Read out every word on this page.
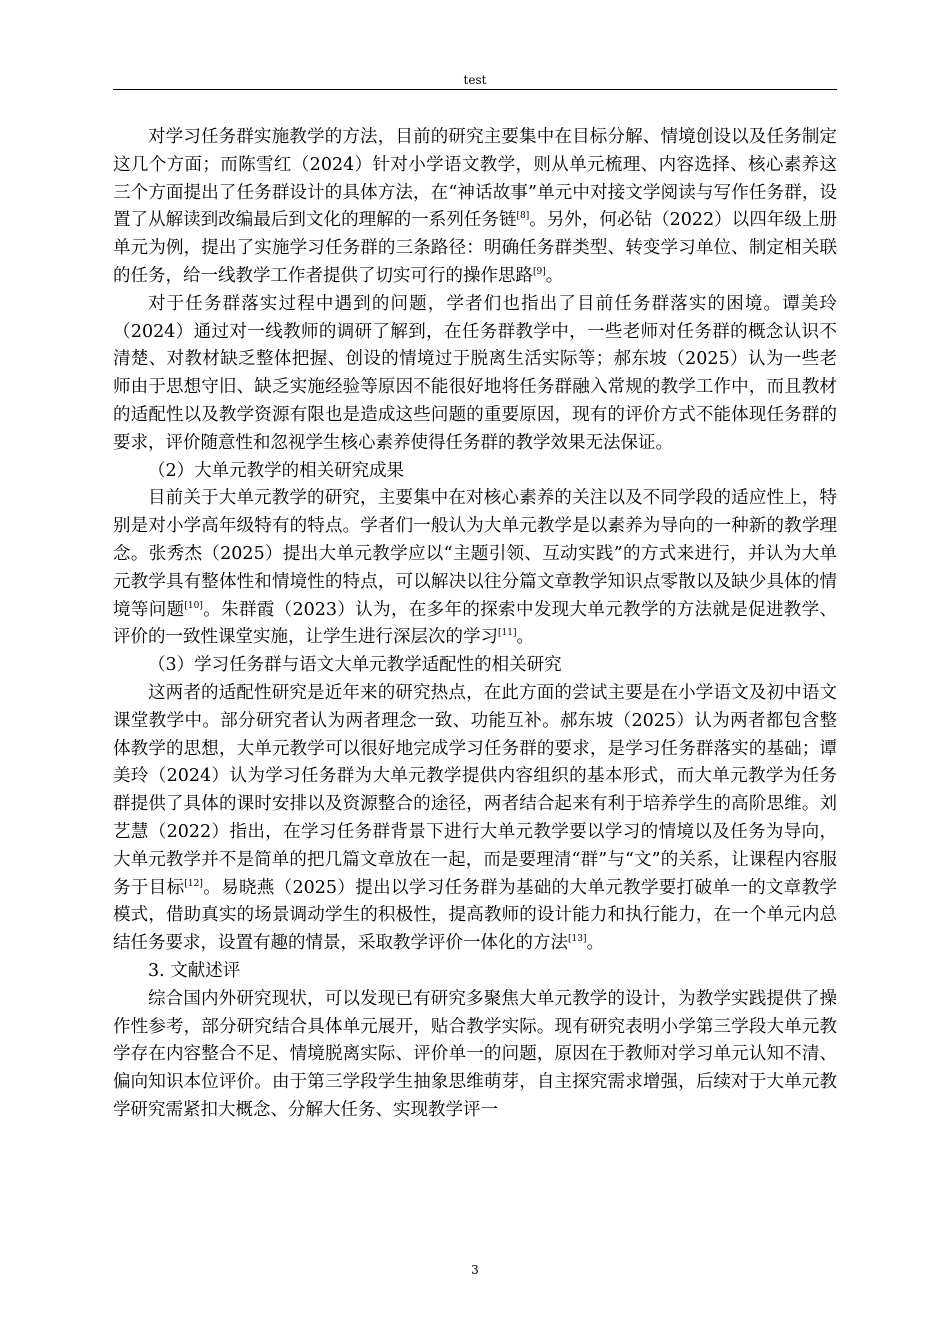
test

对学习任务群实施教学的方法，目前的研究主要集中在目标分解、情境创设以及任务制定这几个方面；而陈雪红（2024）针对小学语文教学，则从单元梳理、内容选择、核心素养这三个方面提出了任务群设计的具体方法，在“神话故事”单元中对接文学阅读与写作任务群，设置了从解读到改编最后到文化的理解的一系列任务链[8]。另外，何必钻（2022）以四年级上册单元为例，提出了实施学习任务群的三条路径：明确任务群类型、转变学习单位、制定相关联的任务，给一线教学工作者提供了切实可行的操作思路[9]。

对于任务群落实过程中遇到的问题，学者们也指出了目前任务群落实的困境。谭美玲（2024）通过对一线教师的调研了解到，在任务群教学中，一些老师对任务群的概念认识不清楚、对教材缺乏整体把握、创设的情境过于脱离生活实际等；郝东坡（2025）认为一些老师由于思想守旧、缺乏实施经验等原因不能很好地将任务群融入常规的教学工作中，而且教材的适配性以及教学资源有限也是造成这些问题的重要原因，现有的评价方式不能体现任务群的要求，评价随意性和忽视学生核心素养使得任务群的教学效果无法保证。

（2）大单元教学的相关研究成果

目前关于大单元教学的研究，主要集中在对核心素养的关注以及不同学段的适应性上，特别是对小学高年级特有的特点。学者们一般认为大单元教学是以素养为导向的一种新的教学理念。张秀杰（2025）提出大单元教学应以“主题引领、互动实践”的方式来进行，并认为大单元教学具有整体性和情境性的特点，可以解决以往分篇文章教学知识点零散以及缺少具体的情境等问题[10]。朱群霞（2023）认为，在多年的探索中发现大单元教学的方法就是促进教学、评价的一致性课堂实施，让学生进行深层次的学习[11]。

（3）学习任务群与语文大单元教学适配性的相关研究

这两者的适配性研究是近年来的研究热点，在此方面的尝试主要是在小学语文及初中语文课堂教学中。部分研究者认为两者理念一致、功能互补。郝东坡（2025）认为两者都包含整体教学的思想，大单元教学可以很好地完成学习任务群的要求，是学习任务群落实的基础；谭美玲（2024）认为学习任务群为大单元教学提供内容组织的基本形式，而大单元教学为任务群提供了具体的课时安排以及资源整合的途径，两者结合起来有利于培养学生的高阶思维。刘艺慧（2022）指出，在学习任务群背景下进行大单元教学要以学习的情境以及任务为导向，大单元教学并不是简单的把几篇文章放在一起，而是要理清“群”与“文”的关系，让课程内容服务于目标[12]。易晓燕（2025）提出以学习任务群为基础的大单元教学要打破单一的文章教学模式，借助真实的场景调动学生的积极性，提高教师的设计能力和执行能力，在一个单元内总结任务要求，设置有趣的情景，采取教学评价一体化的方法[13]。

3. 文献述评

综合国内外研究现状，可以发现已有研究多聚焦大单元教学的设计，为教学实践提供了操作性参考，部分研究结合具体单元展开，贴合教学实际。现有研究表明小学第三学段大单元教学存在内容整合不足、情境脱离实际、评价单一的问题，原因在于教师对学习单元认知不清、偏向知识本位评价。由于第三学段学生抽象思维萌芽，自主探究需求增强，后续对于大单元教学研究需紧扣大概念、分解大任务、实现教学评一

3
